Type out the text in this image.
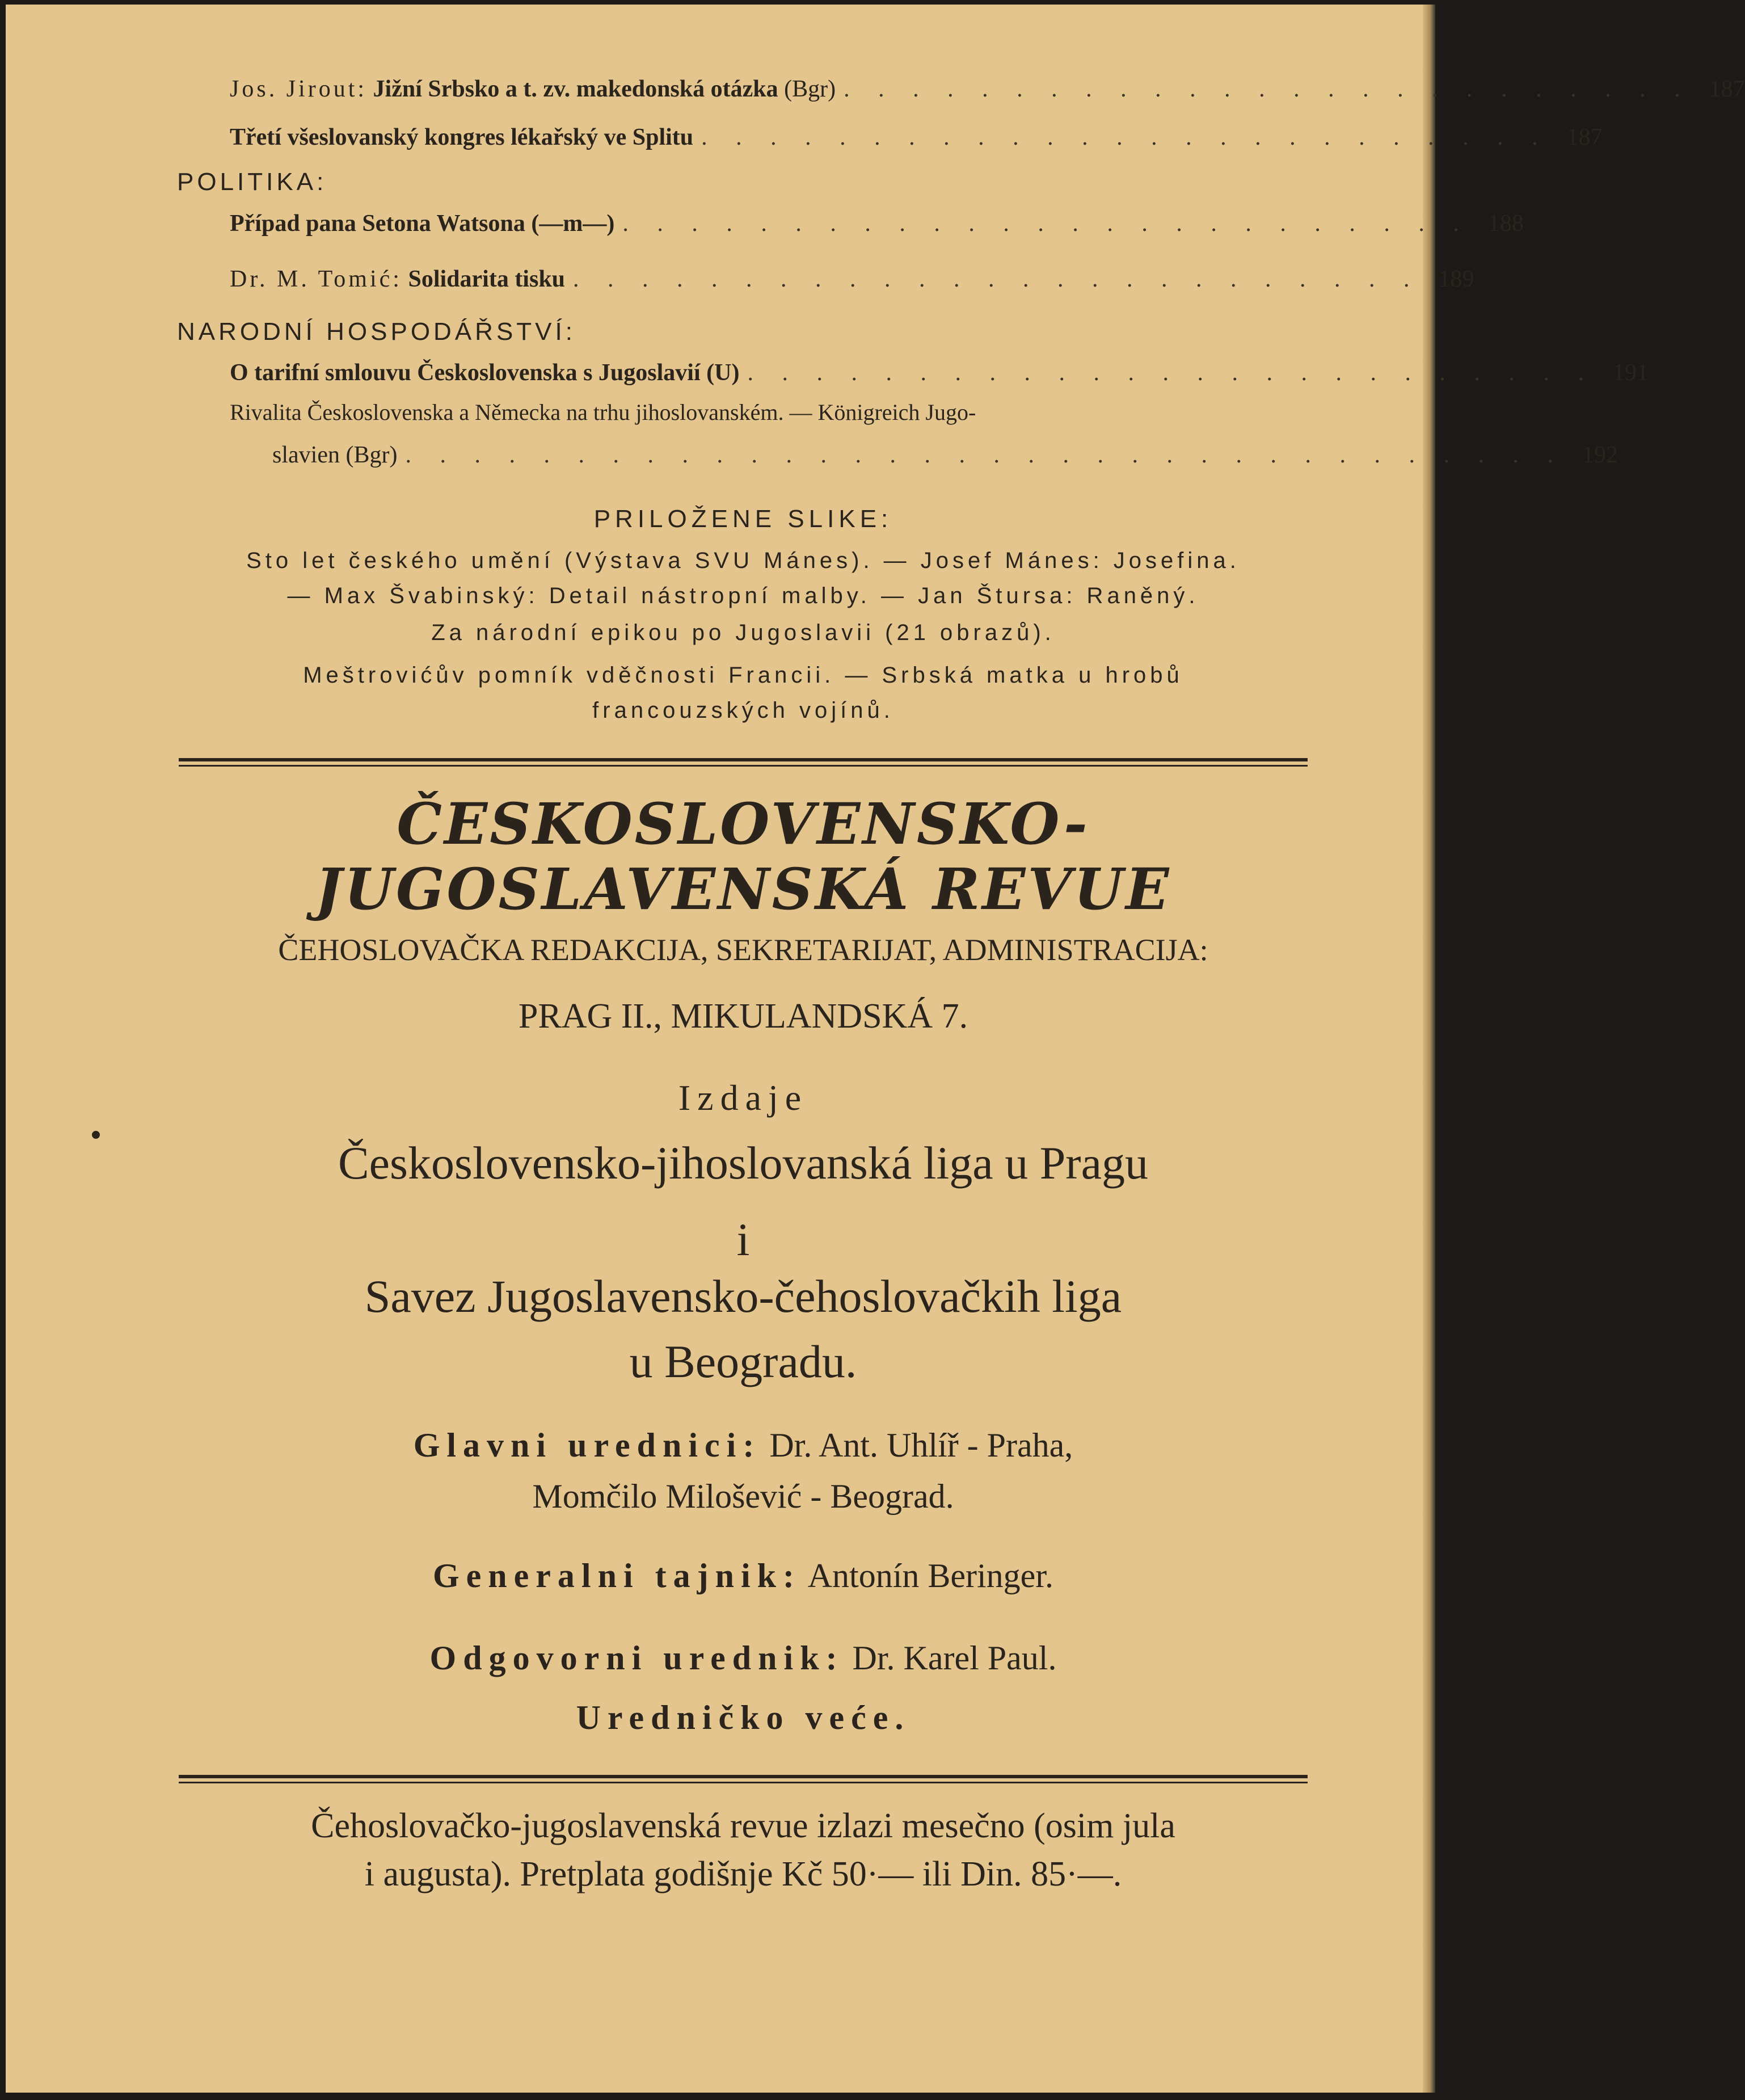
Jos. Jirout: Jižní Srbsko a t. zv. makedonská otázka (Bgr) . . . . . . . . . . . . . . . . . . . . . . . . . 187
Třetí všeslovanský kongres lékařský ve Splitu . . . . . . . . . . . . . . . . . . . . . . . . . 187
POLITIKA:
Případ pana Setona Watsona (—m—) . . . . . . . . . . . . . . . . . . . . . . . . . 188
Dr. M. Tomić: Solidarita tisku . . . . . . . . . . . . . . . . . . . . . . . . . 189
NARODNÍ HOSPODÁŘSTVÍ:
O tarifní smlouvu Československa s Jugoslavií (U) . . . . . . . . . . . . . . . . . . . . . . . . . 191
Rivalita Československa a Německa na trhu jihoslovanském. — Königreich Jugo-
slavien (Bgr) . . . . . . . . . . . . . . . . . . . . . . . . . . . . . . . . . . 192
PRILOŽENE SLIKE:
Sto let českého umění (Výstava SVU Mánes). — Josef Mánes: Josefina.
— Max Švabinský: Detail nástropní malby. — Jan Štursa: Raněný.
Za národní epikou po Jugoslavii (21 obrazů).
Meštrovićův pomník vděčnosti Francii. — Srbská matka u hrobů
francouzských vojínů.
ČESKOSLOVENSKO-
JUGOSLAVENSKÁ REVUE
ČEHOSLOVAČKA REDAKCIJA, SEKRETARIJAT, ADMINISTRACIJA:
PRAG II., MIKULANDSKÁ 7.
Izdaje
Československo-jihoslovanská liga u Pragu
i
Savez Jugoslavensko-čehoslovačkih liga
u Beogradu.
Glavni urednici: Dr. Ant. Uhlíř - Praha,
Momčilo Milošević - Beograd.
Generalni tajnik: Antonín Beringer.
Odgovorni urednik: Dr. Karel Paul.
Uredničko veće.
Čehoslovačko-jugoslavenská revue izlazi mesečno (osim jula
i augusta). Pretplata godišnje Kč 50·— ili Din. 85·—.
